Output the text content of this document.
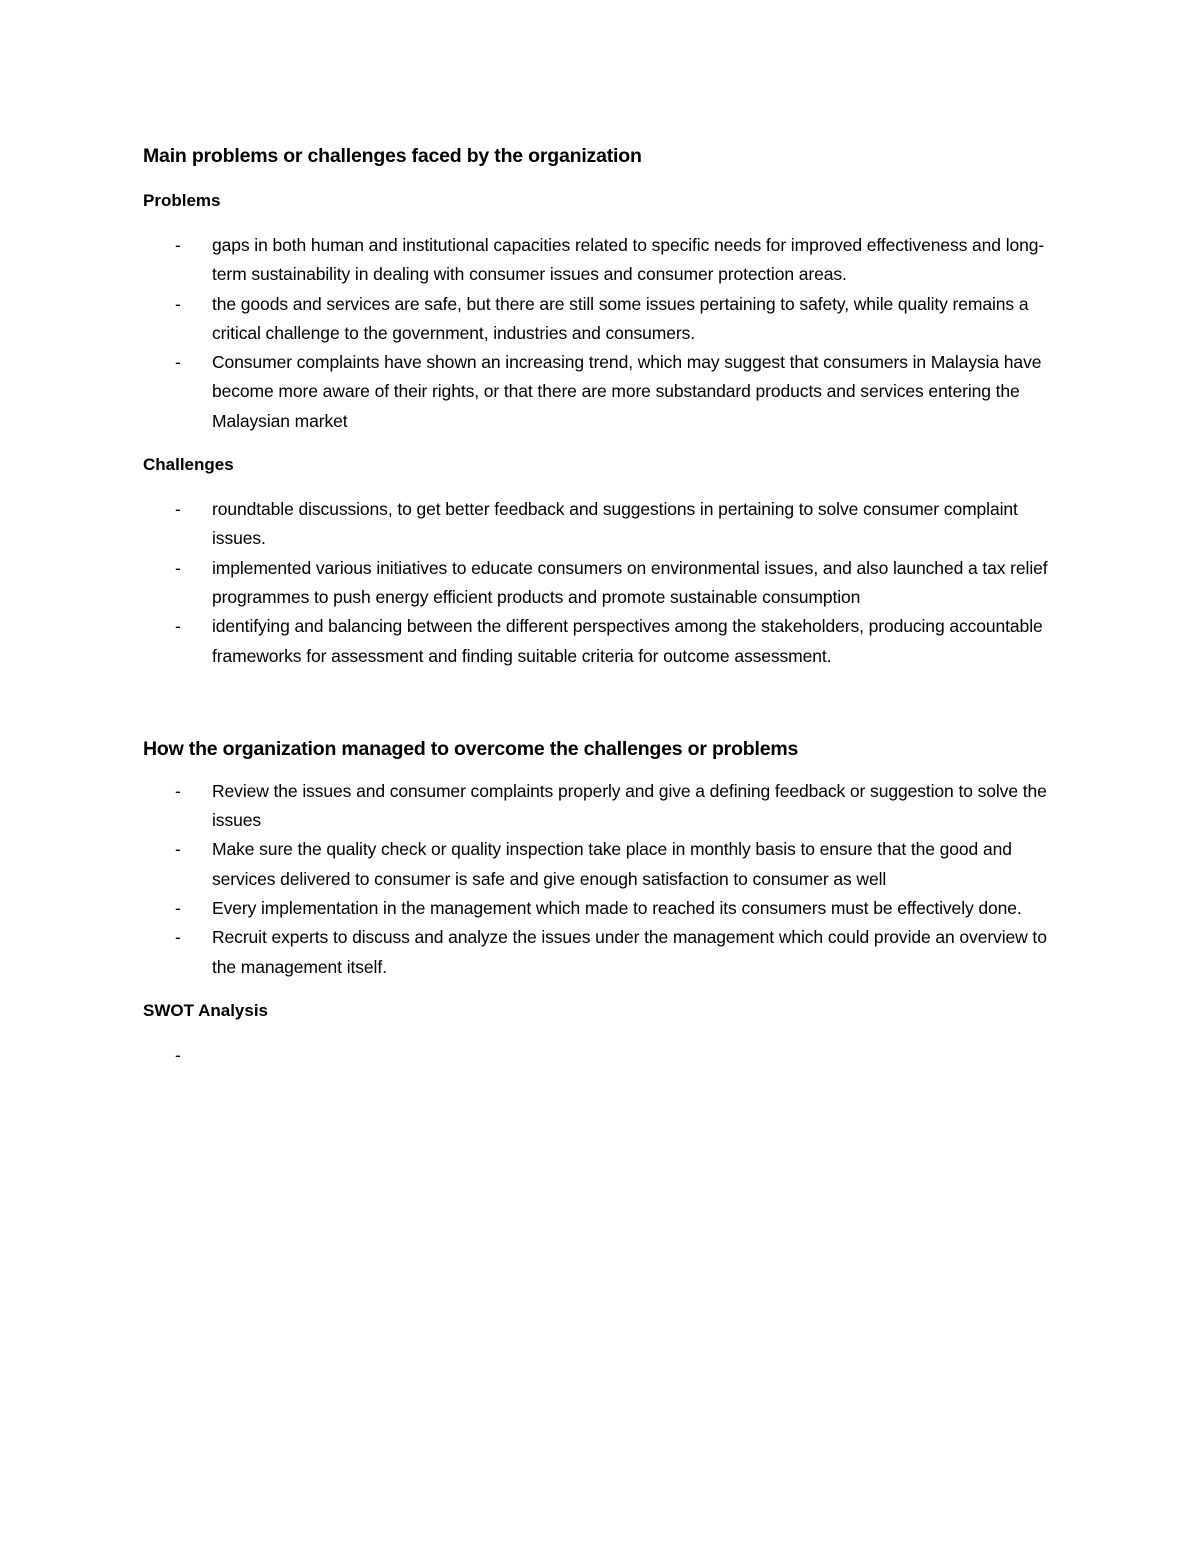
Main problems or challenges faced by the organization
Problems
- gaps in both human and institutional capacities related to specific needs for improved effectiveness and long-term sustainability in dealing with consumer issues and consumer protection areas.
- the goods and services are safe, but there are still some issues pertaining to safety, while quality remains a critical challenge to the government, industries and consumers.
- Consumer complaints have shown an increasing trend, which may suggest that consumers in Malaysia have become more aware of their rights, or that there are more substandard products and services entering the Malaysian market
Challenges
- roundtable discussions, to get better feedback and suggestions in pertaining to solve consumer complaint issues.
- implemented various initiatives to educate consumers on environmental issues, and also launched a tax relief programmes to push energy efficient products and promote sustainable consumption
- identifying and balancing between the different perspectives among the stakeholders, producing accountable frameworks for assessment and finding suitable criteria for outcome assessment.
How the organization managed to overcome the challenges or problems
- Review the issues and consumer complaints properly and give a defining feedback or suggestion to solve the issues
- Make sure the quality check or quality inspection take place in monthly basis to ensure that the good and services delivered to consumer is safe and give enough satisfaction to consumer as well
- Every implementation in the management which made to reached its consumers must be effectively done.
- Recruit experts to discuss and analyze the issues under the management which could provide an overview to the management itself.
SWOT Analysis
-
